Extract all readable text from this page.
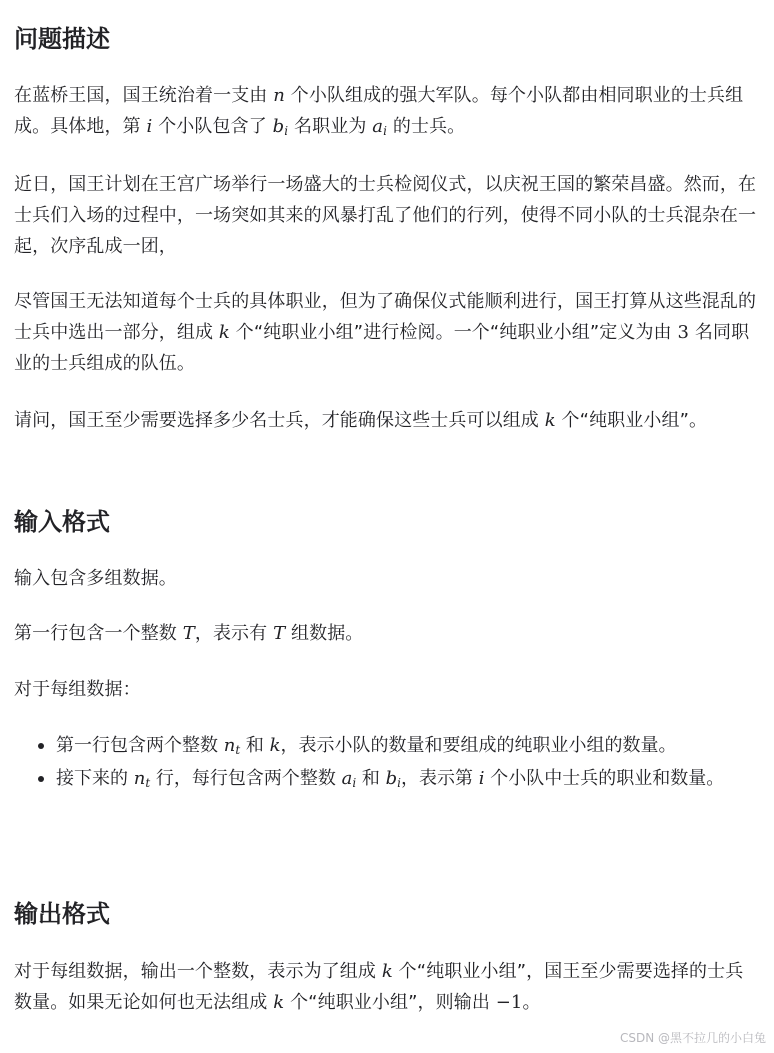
问题描述

在蓝桥王国，国王统治着一支由 n 个小队组成的强大军队。每个小队都由相同职业的士兵组成。具体地，第 i 个小队包含了 $b_i$ 名职业为 $a_i$ 的士兵。

近日，国王计划在王宫广场举行一场盛大的士兵检阅仪式，以庆祝王国的繁荣昌盛。然而，在士兵们入场的过程中，一场突如其来的风暴打乱了他们的行列，使得不同小队的士兵混杂在一起，次序乱成一团，

尽管国王无法知道每个士兵的具体职业，但为了确保仪式能顺利进行，国王打算从这些混乱的士兵中选出一部分，组成 k 个“纯职业小组”进行检阅。一个“纯职业小组”定义为由 3 名同职业的士兵组成的队伍。

请问，国王至少需要选择多少名士兵，才能确保这些士兵可以组成 k 个“纯职业小组”。

输入格式

输入包含多组数据。

第一行包含一个整数 T，表示有 T 组数据。

对于每组数据：

第一行包含两个整数 $n_t$ 和 k，表示小队的数量和要组成的纯职业小组的数量。
接下来的 $n_t$ 行，每行包含两个整数 $a_i$ 和 $b_i$，表示第 i 个小队中士兵的职业和数量。
输出格式

对于每组数据，输出一个整数，表示为了组成 k 个“纯职业小组”，国王至少需要选择的士兵数量。如果无论如何也无法组成 k 个“纯职业小组”，则输出 −1。

CSDN @黑不拉几的小白兔
